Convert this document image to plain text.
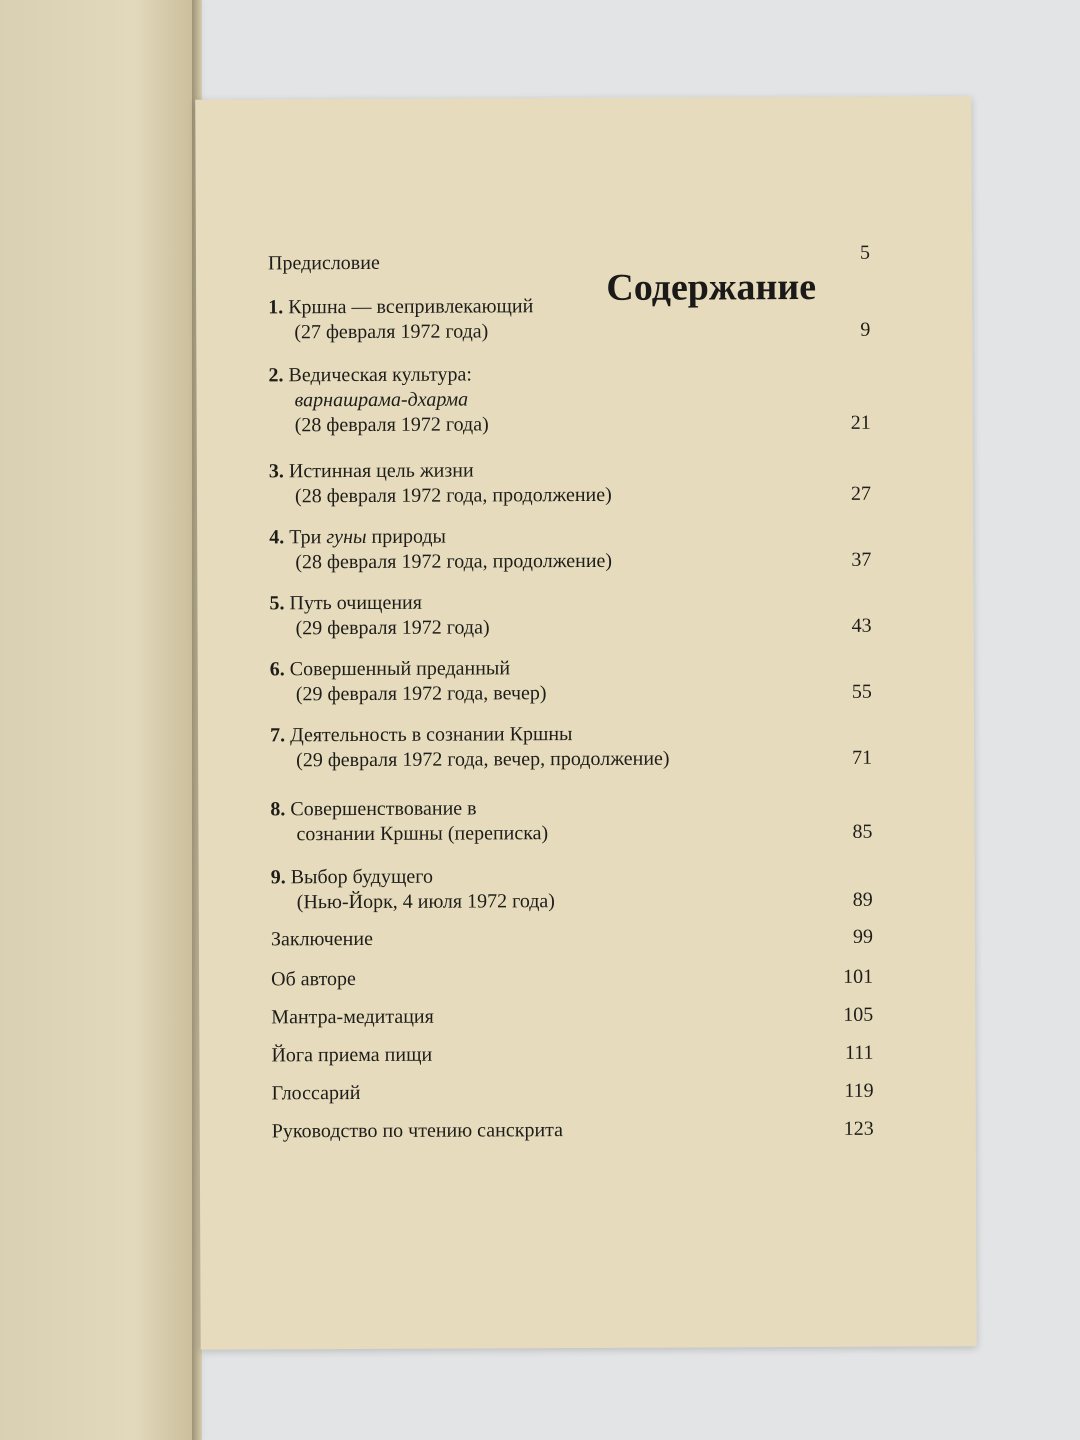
Содержание
Предисловие	5
1. Кршна — всепривлекающий
(27 февраля 1972 года)	9
2. Ведическая культура:
варнашрама-дхарма
(28 февраля 1972 года)	21
3. Истинная цель жизни
(28 февраля 1972 года, продолжение)	27
4. Три гуны природы
(28 февраля 1972 года, продолжение)	37
5. Путь очищения
(29 февраля 1972 года)	43
6. Совершенный преданный
(29 февраля 1972 года, вечер)	55
7. Деятельность в сознании Кршны
(29 февраля 1972 года, вечер, продолжение)	71
8. Совершенствование в
сознании Кршны (переписка)	85
9. Выбор будущего
(Нью-Йорк, 4 июля 1972 года)	89
Заключение	99
Об авторе	101
Мантра-медитация	105
Йога приема пищи	111
Глоссарий	119
Руководство по чтению санскрита	123
